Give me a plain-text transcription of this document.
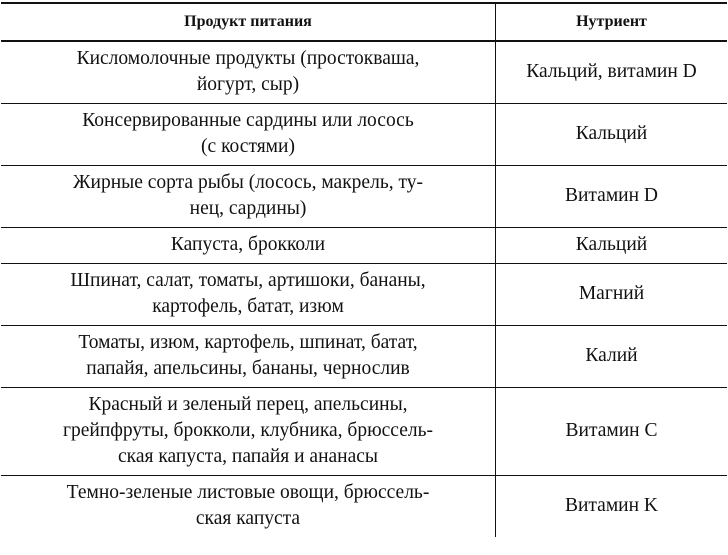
Продукт питания	Нутриент

Кисломолочные продукты (простокваша,
йогурт, сыр)	Кальций, витамин D

Консервированные сардины или лосось
(с костями)	Кальций

Жирные сорта рыбы (лосось, макрель, ту-
нец, сардины)	Витамин D

Капуста, брокколи	Кальций

Шпинат, салат, томаты, артишоки, бананы,
картофель, батат, изюм	Магний

Томаты, изюм, картофель, шпинат, батат,
папайя, апельсины, бананы, чернослив	Калий

Красный и зеленый перец, апельсины,
грейпфруты, брокколи, клубника, брюссель-
ская капуста, папайя и ананасы	Витамин C

Темно-зеленые листовые овощи, брюссель-
ская капуста	Витамин K
